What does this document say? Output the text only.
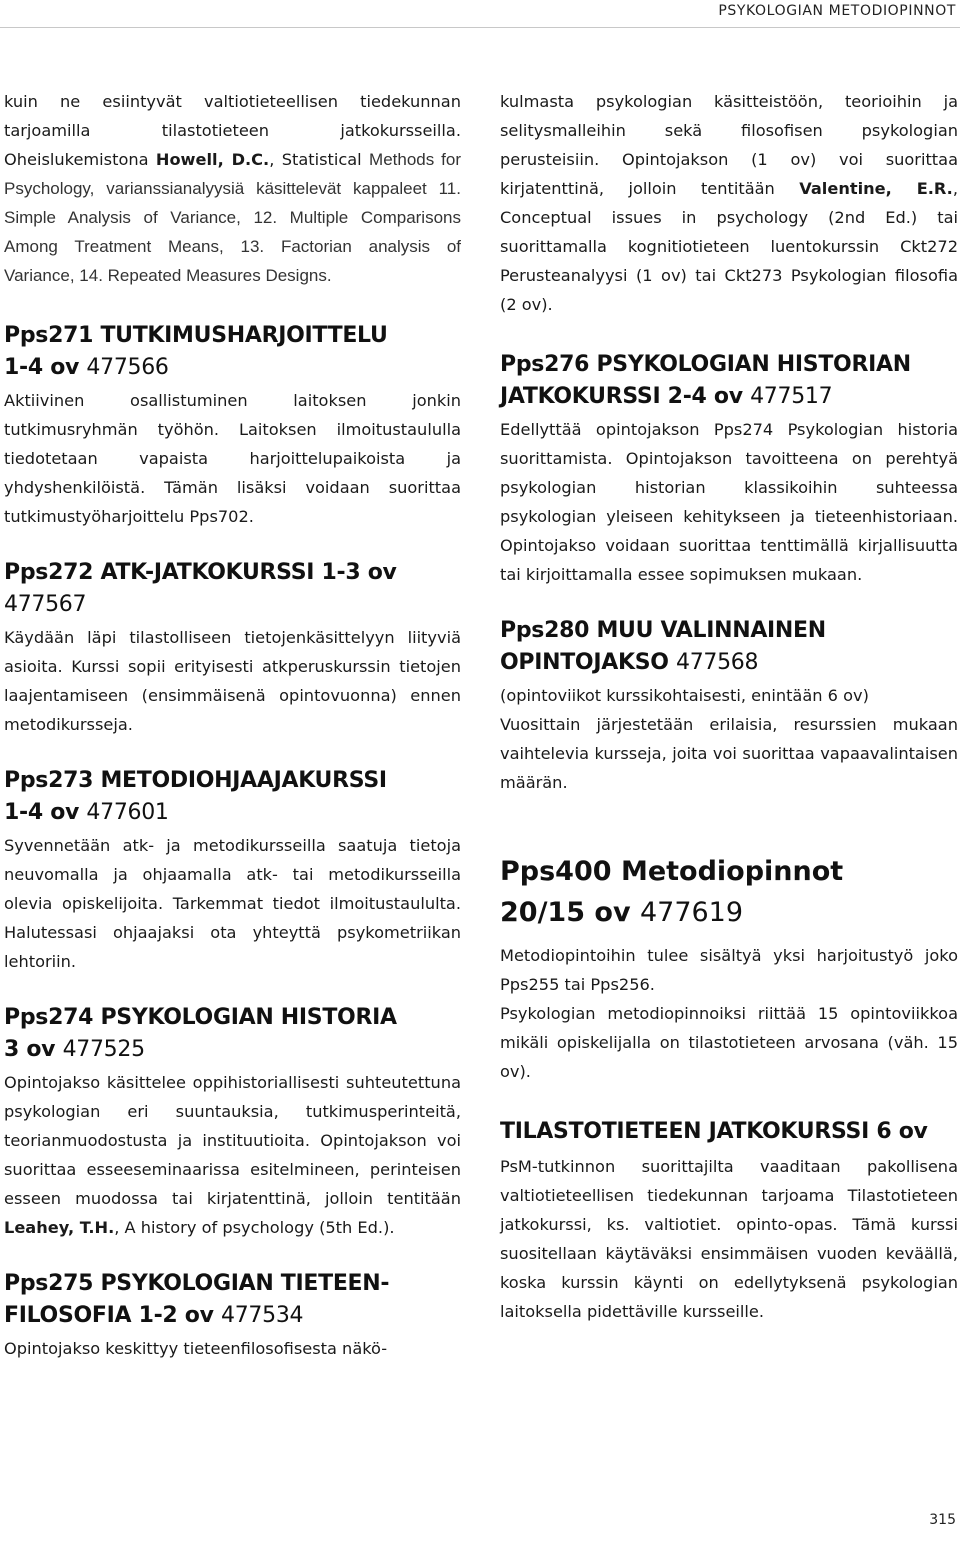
PSYKOLOGIAN METODIOPINNOT

kuin ne esiintyvät valtiotieteellisen tiedekunnan tarjoamilla tilastotieteen jatkokursseilla. Oheislukemistona Howell, D.C., Statistical Methods for Psychology, varianssianalyysiä käsittelevät kappaleet 11. Simple Analysis of Variance, 12. Multiple Comparisons Among Treatment Means, 13. Factorian analysis of Variance, 14. Repeated Measures Designs.

Pps271 TUTKIMUSHARJOITTELU
1-4 ov 477566

Aktiivinen osallistuminen laitoksen jonkin tutkimusryhmän työhön. Laitoksen ilmoitustaululla tiedotetaan vapaista harjoittelupaikoista ja yhdyshenkilöistä. Tämän lisäksi voidaan suorittaa tutkimustyöharjoittelu Pps702.

Pps272 ATK-JATKOKURSSI 1-3 ov
477567

Käydään läpi tilastolliseen tietojenkäsittelyyn liityviä asioita. Kurssi sopii erityisesti atkperuskurssin tietojen laajentamiseen (ensimmäisenä opintovuonna) ennen metodikursseja.

Pps273 METODIOHJAAJAKURSSI
1-4 ov 477601

Syvennetään atk- ja metodikursseilla saatuja tietoja neuvomalla ja ohjaamalla atk- tai metodikursseilla olevia opiskelijoita. Tarkemmat tiedot ilmoitustaululta. Halutessasi ohjaajaksi ota yhteyttä psykometriikan lehtoriin.

Pps274 PSYKOLOGIAN HISTORIA
3 ov 477525

Opintojakso käsittelee oppihistoriallisesti suhteutettuna psykologian eri suuntauksia, tutkimusperinteitä, teorianmuodostusta ja instituutioita. Opintojakson voi suorittaa esseeseminaarissa esitelmineen, perinteisen esseen muodossa tai kirjatenttinä, jolloin tentitään Leahey, T.H., A history of psychology (5th Ed.).

Pps275 PSYKOLOGIAN TIETEEN-
FILOSOFIA 1-2 ov 477534

Opintojakso keskittyy tieteenfilosofisesta näkö-

kulmasta psykologian käsitteistöön, teorioihin ja selitysmalleihin sekä filosofisen psykologian perusteisiin. Opintojakson (1 ov) voi suorittaa kirjatenttinä, jolloin tentitään Valentine, E.R., Conceptual issues in psychology (2nd Ed.) tai suorittamalla kognitiotieteen luentokurssin Ckt272 Perusteanalyysi (1 ov) tai Ckt273 Psykologian filosofia (2 ov).

Pps276 PSYKOLOGIAN HISTORIAN
JATKOKURSSI 2-4 ov 477517

Edellyttää opintojakson Pps274 Psykologian historia suorittamista. Opintojakson tavoitteena on perehtyä psykologian historian klassikoihin suhteessa psykologian yleiseen kehitykseen ja tieteenhistoriaan. Opintojakso voidaan suorittaa tenttimällä kirjallisuutta tai kirjoittamalla essee sopimuksen mukaan.

Pps280 MUU VALINNAINEN
OPINTOJAKSO 477568

(opintoviikot kurssikohtaisesti, enintään 6 ov)

Vuosittain järjestetään erilaisia, resurssien mukaan vaihtelevia kursseja, joita voi suorittaa vapaavalintaisen määrän.

Pps400 Metodiopinnot
20/15 ov 477619

Metodiopintoihin tulee sisältyä yksi harjoitustyö joko Pps255 tai Pps256.

Psykologian metodiopinnoiksi riittää 15 opintoviikkoa mikäli opiskelijalla on tilastotieteen arvosana (väh. 15 ov).

TILASTOTIETEEN JATKOKURSSI 6 ov

PsM-tutkinnon suorittajilta vaaditaan pakollisena valtiotieteellisen tiedekunnan tarjoama Tilastotieteen jatkokurssi, ks. valtiotiet. opinto-opas. Tämä kurssi suositellaan käytäväksi ensimmäisen vuoden keväällä, koska kurssin käynti on edellytyksenä psykologian laitoksella pidettäville kursseille.

315
